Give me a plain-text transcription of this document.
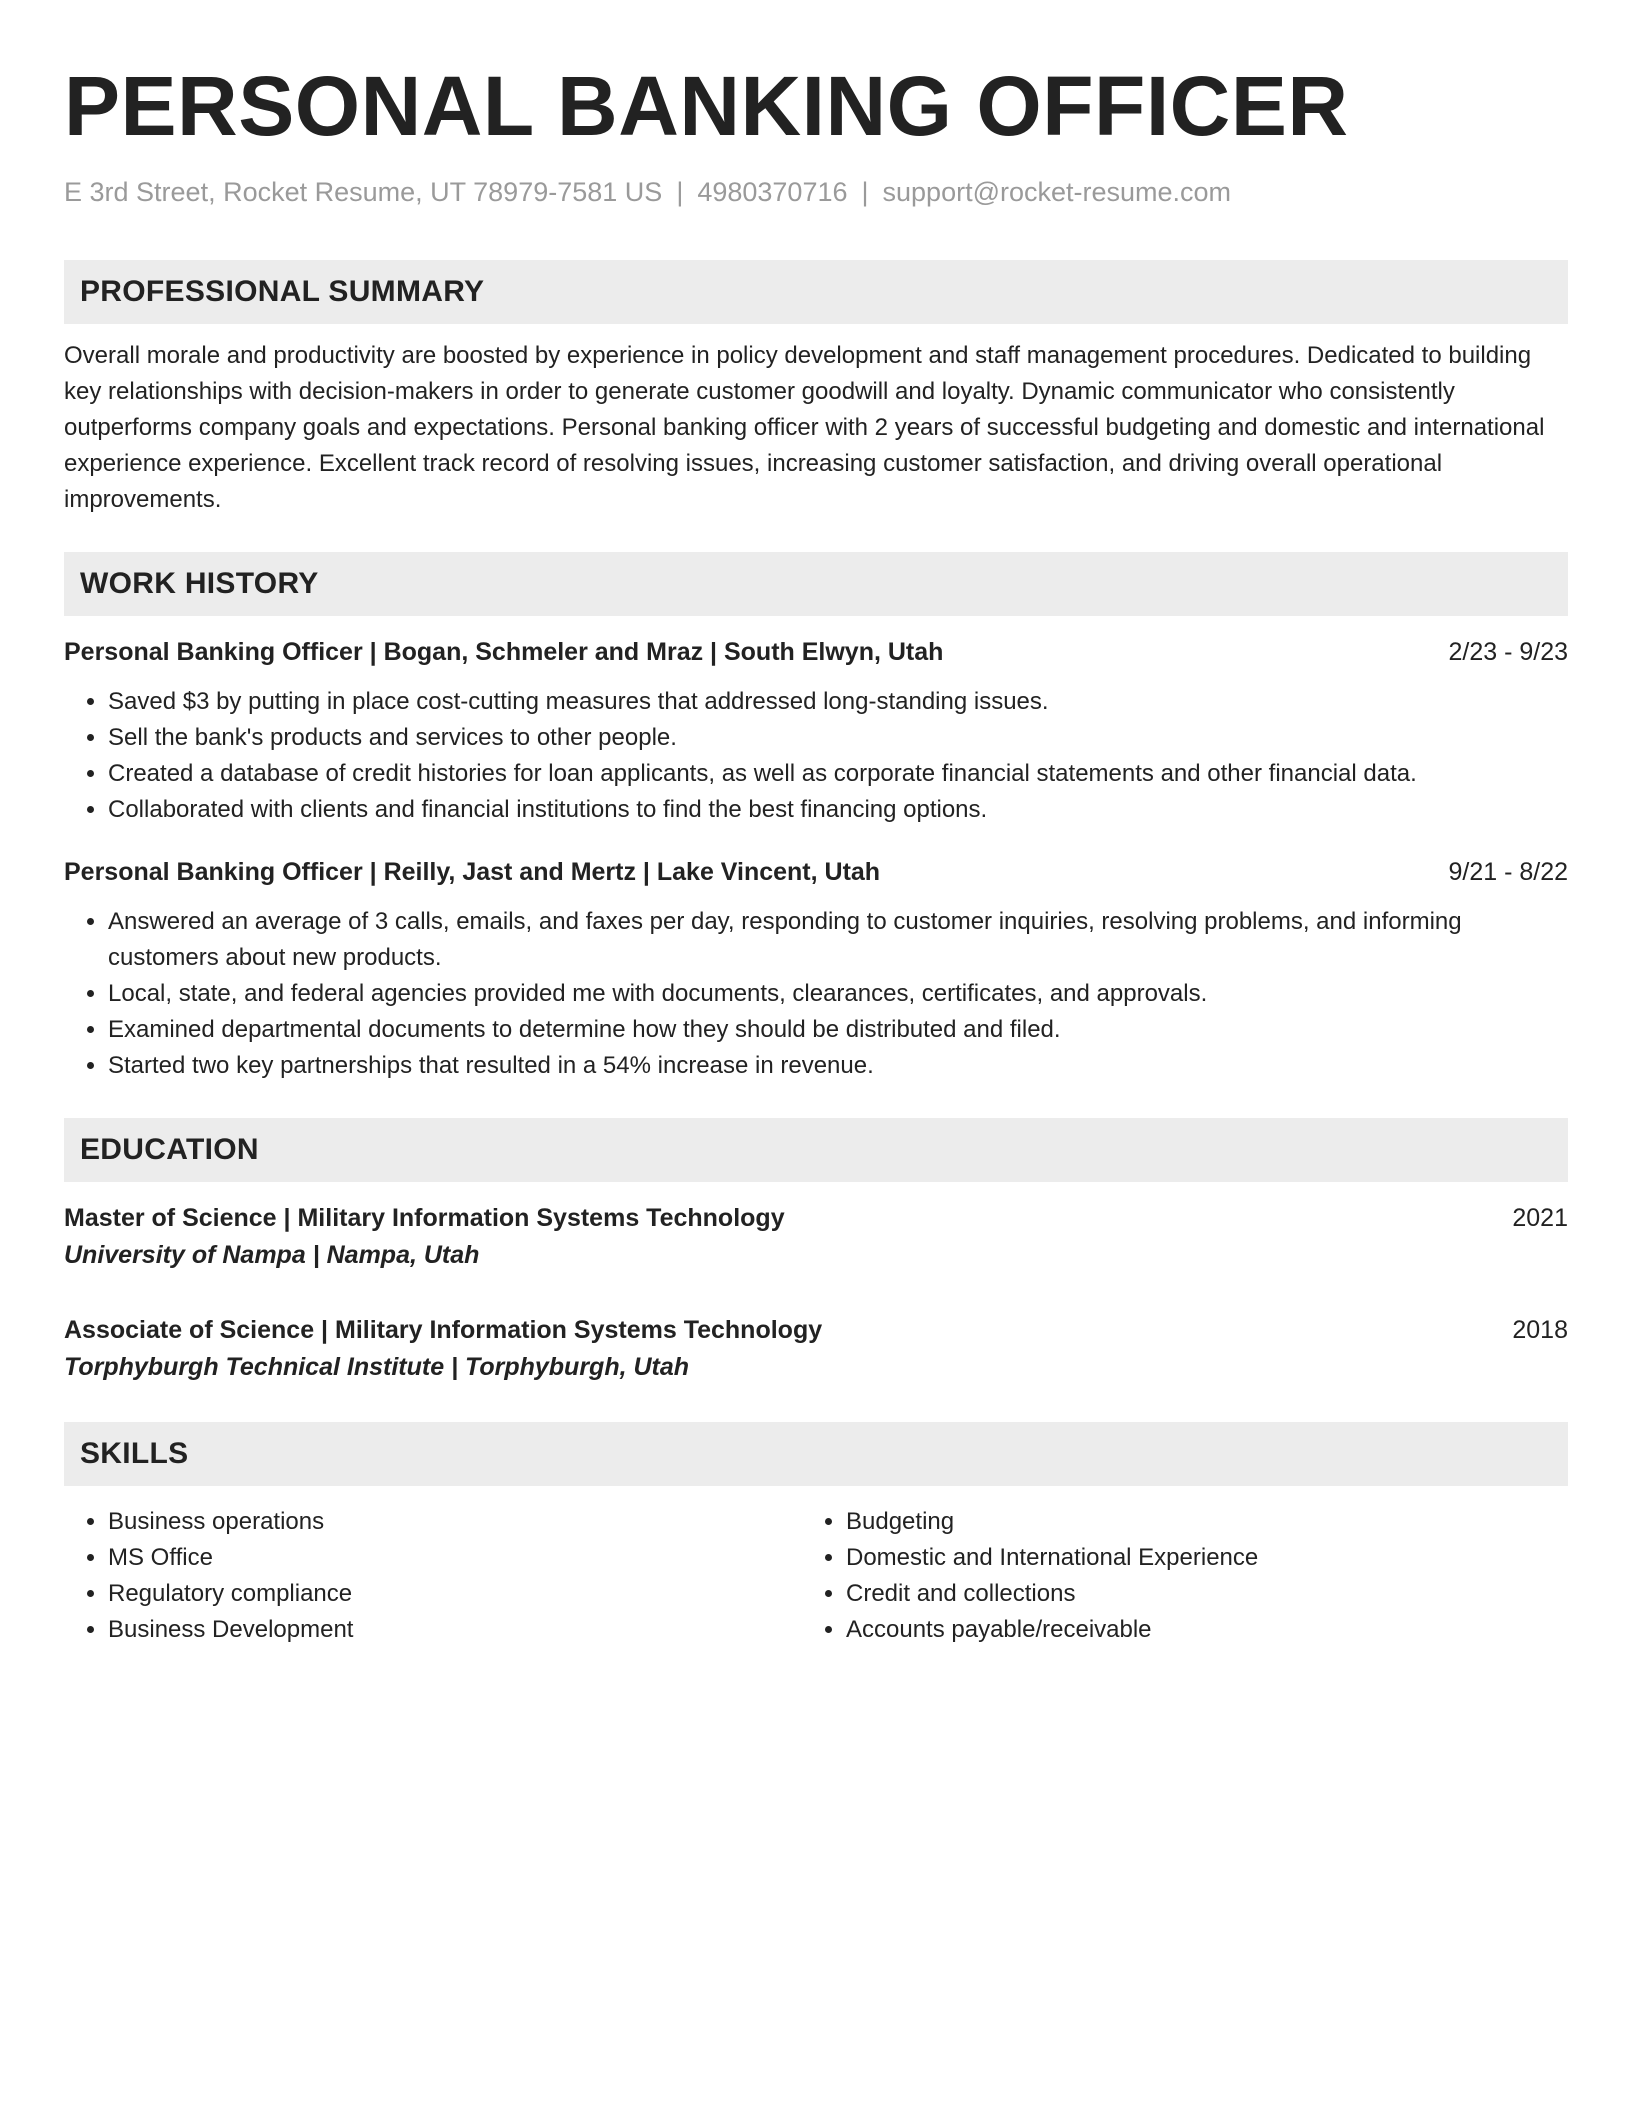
PERSONAL BANKING OFFICER
E 3rd Street, Rocket Resume, UT 78979-7581 US | 4980370716 | support@rocket-resume.com
PROFESSIONAL SUMMARY
Overall morale and productivity are boosted by experience in policy development and staff management procedures. Dedicated to building key relationships with decision-makers in order to generate customer goodwill and loyalty. Dynamic communicator who consistently outperforms company goals and expectations. Personal banking officer with 2 years of successful budgeting and domestic and international experience experience. Excellent track record of resolving issues, increasing customer satisfaction, and driving overall operational improvements.
WORK HISTORY
Personal Banking Officer | Bogan, Schmeler and Mraz | South Elwyn, Utah	2/23 - 9/23
• Saved $3 by putting in place cost-cutting measures that addressed long-standing issues.
• Sell the bank's products and services to other people.
• Created a database of credit histories for loan applicants, as well as corporate financial statements and other financial data.
• Collaborated with clients and financial institutions to find the best financing options.
Personal Banking Officer | Reilly, Jast and Mertz | Lake Vincent, Utah	9/21 - 8/22
• Answered an average of 3 calls, emails, and faxes per day, responding to customer inquiries, resolving problems, and informing customers about new products.
• Local, state, and federal agencies provided me with documents, clearances, certificates, and approvals.
• Examined departmental documents to determine how they should be distributed and filed.
• Started two key partnerships that resulted in a 54% increase in revenue.
EDUCATION
Master of Science | Military Information Systems Technology	2021
University of Nampa | Nampa, Utah
Associate of Science | Military Information Systems Technology	2018
Torphyburgh Technical Institute | Torphyburgh, Utah
SKILLS
• Business operations
• MS Office
• Regulatory compliance
• Business Development
• Budgeting
• Domestic and International Experience
• Credit and collections
• Accounts payable/receivable
